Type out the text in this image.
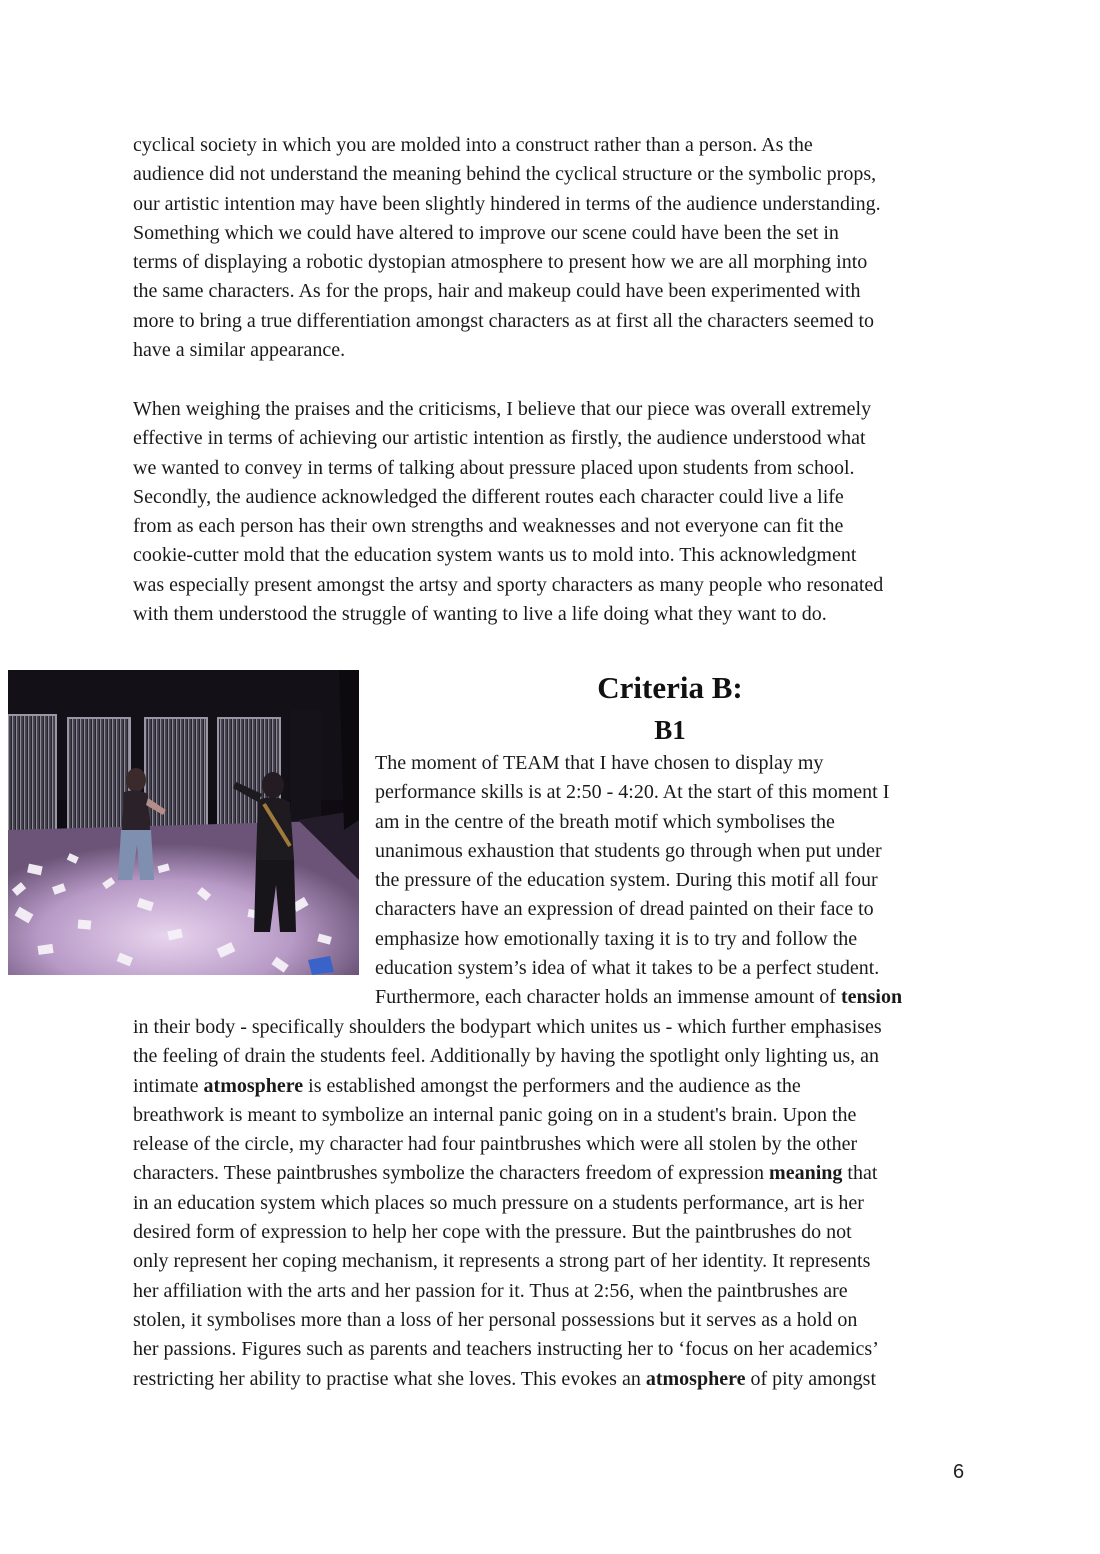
cyclical society in which you are molded into a construct rather than a person. As the
audience did not understand the meaning behind the cyclical structure or the symbolic props,
our artistic intention may have been slightly hindered in terms of the audience understanding.
Something which we could have altered to improve our scene could have been the set in
terms of displaying a robotic dystopian atmosphere to present how we are all morphing into
the same characters. As for the props, hair and makeup could have been experimented with
more to bring a true differentiation amongst characters as at first all the characters seemed to
have a similar appearance.
When weighing the praises and the criticisms, I believe that our piece was overall extremely
effective in terms of achieving our artistic intention as firstly, the audience understood what
we wanted to convey in terms of talking about pressure placed upon students from school.
Secondly, the audience acknowledged the different routes each character could live a life
from as each person has their own strengths and weaknesses and not everyone can fit the
cookie-cutter mold that the education system wants us to mold into. This acknowledgment
was especially present amongst the artsy and sporty characters as many people who resonated
with them understood the struggle of wanting to live a life doing what they want to do.
Criteria B:
B1
The moment of TEAM that I have chosen to display my
performance skills is at 2:50 - 4:20. At the start of this moment I
am in the centre of the breath motif which symbolises the
unanimous exhaustion that students go through when put under
the pressure of the education system. During this motif all four
characters have an expression of dread painted on their face to
emphasize how emotionally taxing it is to try and follow the
education system’s idea of what it takes to be a perfect student.
Furthermore, each character holds an immense amount of tension
in their body - specifically shoulders the bodypart which unites us - which further emphasises
the feeling of drain the students feel. Additionally by having the spotlight only lighting us, an
intimate atmosphere is established amongst the performers and the audience as the
breathwork is meant to symbolize an internal panic going on in a student's brain. Upon the
release of the circle, my character had four paintbrushes which were all stolen by the other
characters. These paintbrushes symbolize the characters freedom of expression meaning that
in an education system which places so much pressure on a students performance, art is her
desired form of expression to help her cope with the pressure. But the paintbrushes do not
only represent her coping mechanism, it represents a strong part of her identity. It represents
her affiliation with the arts and her passion for it. Thus at 2:56, when the paintbrushes are
stolen, it symbolises more than a loss of her personal possessions but it serves as a hold on
her passions. Figures such as parents and teachers instructing her to ‘focus on her academics’
restricting her ability to practise what she loves. This evokes an atmosphere of pity amongst
6
